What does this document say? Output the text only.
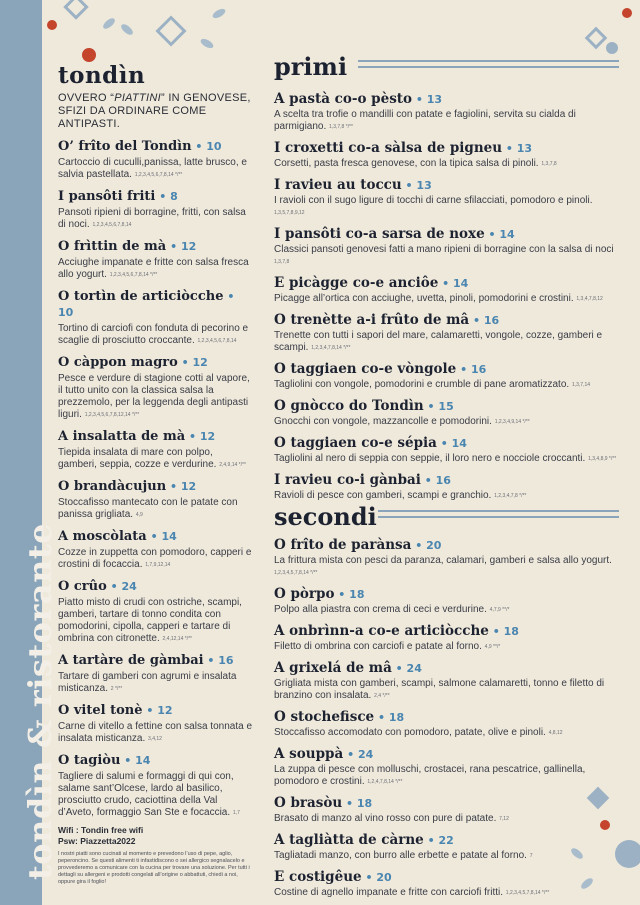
tondìn & ristorante
tondìn
OVVERO “PIATTINI” IN GENOVESE, SFIZI DA ORDINARE COME ANTIPASTI.
O’ frîto del Tondìn • 10
Cartoccio di cuculli,panissa, latte brusco, e salvia pastellata. 1,2,3,4,5,6,7,8,14 */**
I pansôti friti • 8
Pansoti ripieni di borragine, fritti, con salsa di noci. 1,2,3,4,5,6,7,8,14
O frìttin de mà • 12
Acciughe impanate e fritte con salsa fresca allo yogurt. 1,2,3,4,5,6,7,8,14 */**
O tortìn de articiòcche • 10
Tortino di carciofi con fonduta di pecorino e scaglie di prosciutto croccante. 1,2,3,4,5,6,7,8,14
O càppon magro • 12
Pesce e verdure di stagione cotti al vapore, il tutto unito con la classica salsa la prezzemolo, per la leggenda degli antipasti liguri. 1,2,3,4,5,6,7,8,12,14 */**
A insalatta de mà • 12
Tiepida insalata di mare con polpo, gamberi, seppia, cozze e verdurine. 2,4,9,14 */**
O brandàcujun • 12
Stoccafisso mantecato con le patate con panissa grigliata. 4,9
A moscòlata • 14
Cozze in zuppetta con pomodoro, capperi e crostini di focaccia. 1,7,9,12,14
O crûo • 24
Piatto misto di crudi con ostriche, scampi, gamberi, tartare di tonno condita con pomodorini, cipolla, capperi e tartare di ombrina con citronette. 2,4,12,14 */**
A tartàre de gàmbai • 16
Tartare di gamberi con agrumi e insalata misticanza. 2 */**
O vitel tonè • 12
Carne di vitello a fettine con salsa tonnata e insalata misticanza. 3,4,12
O tagiòu • 14
Tagliere di salumi e formaggi di qui con, salame sant’Olcese, lardo al basilico, prosciutto crudo, caciottina della Val d’Aveto, formaggio San Ste e focaccia. 1,7
Wifi : Tondin free wifi
Psw: Piazzetta2022
I nostri piatti sono cucinati al momento e prevedono l’uso di pepe, aglio, peperoncino. Se questi alimenti ti infastidiscono o sei allergico segnalacelo e provvederemo a comunicare con la cucina per trovare una soluzione. Per tutti i dettagli su allergeni e prodotti congelati all’origine o abbattuti, chiedi a noi, oppure gira il foglio!
primi
A pastà co-o pèsto • 13
A scelta tra trofie o mandilli con patate e fagiolini, servita su cialda di parmigiano. 1,3,7,8 */**
I croxetti co-a sàlsa de pigneu • 13
Corsetti, pasta fresca genovese, con la tipica salsa di pinoli. 1,3,7,8
I ravieu au toccu • 13
I ravioli con il sugo ligure di tocchi di carne sfilacciati, pomodoro e pinoli. 1,3,5,7,8,9,12
I pansôti co-a sarsa de noxe • 14
Classici pansoti genovesi fatti a mano ripieni di borragine con la salsa di noci 1,3,7,8
E picàgge co-e anciôe • 14
Picagge all’ortica con acciughe, uvetta, pinoli, pomodorini e crostini. 1,3,4,7,8,12
O trenètte a-i frûto de mâ • 16
Trenette con tutti i sapori del mare, calamaretti, vongole, cozze, gamberi e scampi. 1,2,3,4,7,8,14 */**
O taggiaen co-e vòngole • 16
Tagliolini con vongole, pomodorini e crumble di pane aromatizzato. 1,3,7,14
O gnòcco do Tondìn • 15
Gnocchi con vongole, mazzancolle e pomodorini. 1,2,3,4,9,14 */**
O taggiaen co-e sépia • 14
Tagliolini al nero di seppia con seppie, il loro nero e nocciole croccanti. 1,3,4,8,9 */**
I ravieu co-i gànbai • 16
Ravioli di pesce con gamberi, scampi e granchio. 1,2,3,4,7,8 */**
secondi
O frîto de parànsa • 20
La frittura mista con pesci da paranza, calamari, gamberi e salsa allo yogurt. 1,2,3,4,5,7,8,14 */**
O pòrpo • 18
Polpo alla piastra con crema di ceci e verdurine. 4,7,9 **/*
A onbrìnn-a co-e articiòcche • 18
Filetto di ombrina con carciofi e patate al forno. 4,9 **/*
A grixelá de mâ • 24
Grigliata mista con gamberi, scampi, salmone calamaretti, tonno e filetto di branzino con insalata. 2,4 */**
O stochefisce • 18
Stoccafisso accomodato con pomodoro, patate, olive e pinoli. 4,8,12
A souppà • 24
La zuppa di pesce con molluschi, crostacei, rana pescatrice, gallinella, pomodoro e crostini. 1,2,4,7,8,14 */**
O brasòu • 18
Brasato di manzo al vino rosso con pure di patate. 7,12
A tagliàtta de càrne • 22
Tagliatadi manzo, con burro alle erbette e patate al forno. 7
E costigêue • 20
Costine di agnello impanate e fritte con carciofi fritti. 1,2,3,4,5,7,8,14 */**
